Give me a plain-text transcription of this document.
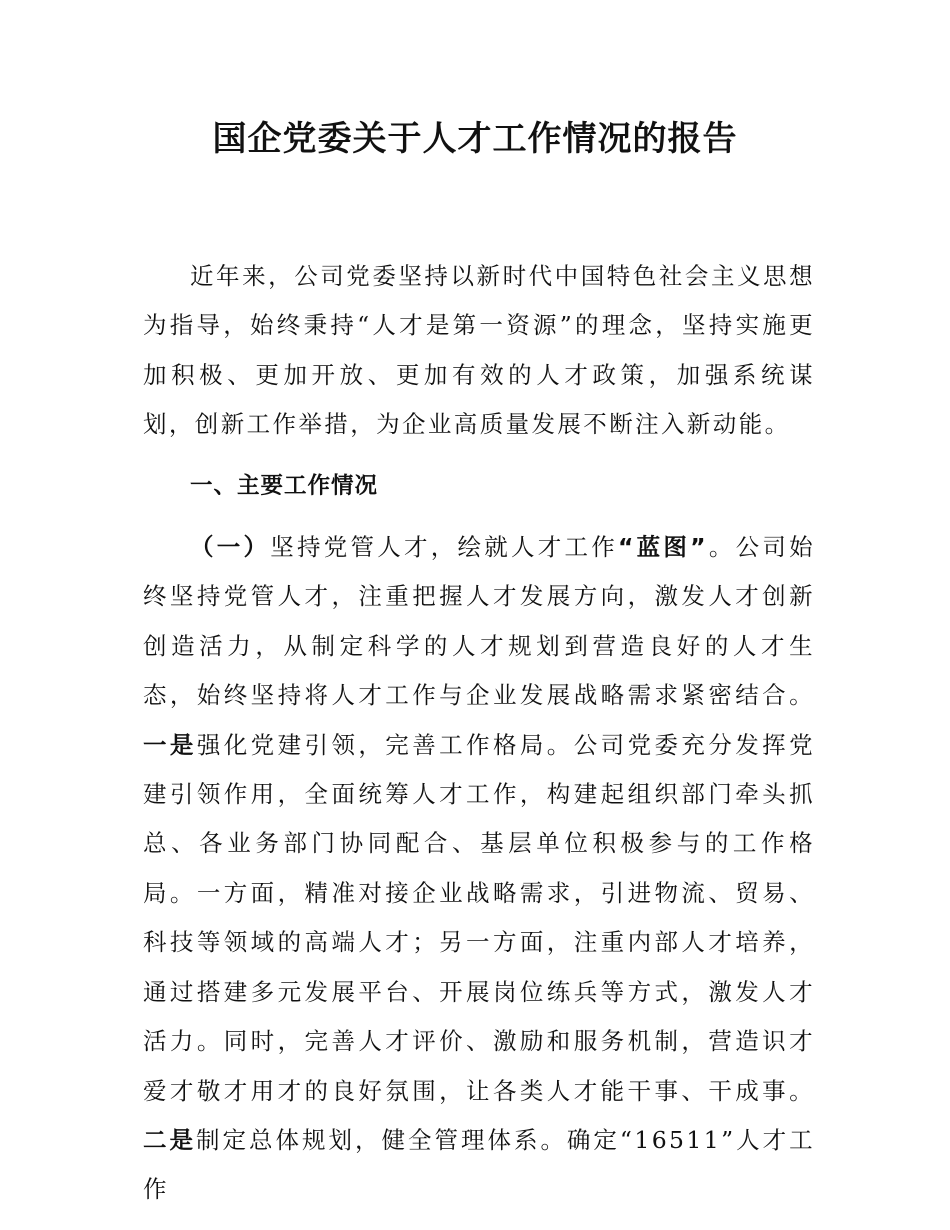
国企党委关于人才工作情况的报告

近年来，公司党委坚持以新时代中国特色社会主义思想为指导，始终秉持“人才是第一资源”的理念，坚持实施更加积极、更加开放、更加有效的人才政策，加强系统谋划，创新工作举措，为企业高质量发展不断注入新动能。

一、主要工作情况

（一）坚持党管人才，绘就人才工作“蓝图”。公司始终坚持党管人才，注重把握人才发展方向，激发人才创新创造活力，从制定科学的人才规划到营造良好的人才生态，始终坚持将人才工作与企业发展战略需求紧密结合。一是强化党建引领，完善工作格局。公司党委充分发挥党建引领作用，全面统筹人才工作，构建起组织部门牵头抓总、各业务部门协同配合、基层单位积极参与的工作格局。一方面，精准对接企业战略需求，引进物流、贸易、科技等领域的高端人才；另一方面，注重内部人才培养，通过搭建多元发展平台、开展岗位练兵等方式，激发人才活力。同时，完善人才评价、激励和服务机制，营造识才爱才敬才用才的良好氛围，让各类人才能干事、干成事。二是制定总体规划，健全管理体系。确定“16511”人才工作
